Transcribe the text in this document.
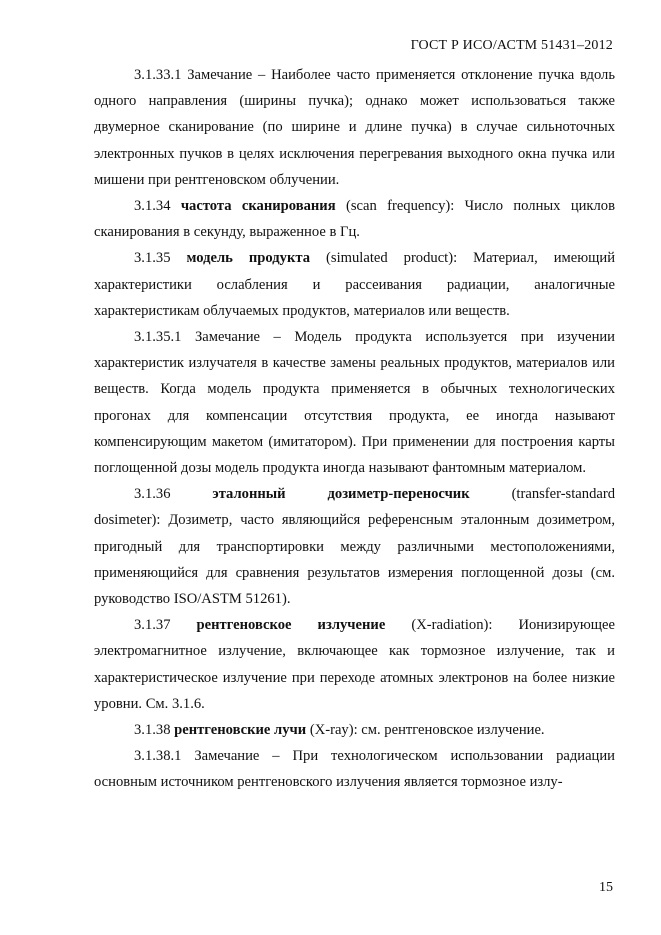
ГОСТ Р ИСО/АСТМ 51431–2012

3.1.33.1 Замечание – Наиболее часто применяется отклонение пучка вдоль одного направления (ширины пучка); однако может использоваться также двумерное сканирование (по ширине и длине пучка) в случае сильноточных электронных пучков в целях исключения перегревания выходного окна пучка или мишени при рентгеновском облучении.

3.1.34 частота сканирования (scan frequency): Число полных циклов сканирования в секунду, выраженное в Гц.

3.1.35 модель продукта (simulated product): Материал, имеющий характеристики ослабления и рассеивания радиации, аналогичные характеристикам облучаемых продуктов, материалов или веществ.

3.1.35.1 Замечание – Модель продукта используется при изучении характеристик излучателя в качестве замены реальных продуктов, материалов или веществ. Когда модель продукта применяется в обычных технологических прогонах для компенсации отсутствия продукта, ее иногда называют компенсирующим макетом (имитатором). При применении для построения карты поглощенной дозы модель продукта иногда называют фантомным материалом.

3.1.36	эталонный	дозиметр-переносчик	(transfer-standard

dosimeter): Дозиметр, часто являющийся референсным эталонным дозиметром, пригодный для транспортировки между различными местоположениями, применяющийся для сравнения результатов измерения поглощенной дозы (см. руководство ISO/ASTM 51261).

3.1.37 рентгеновское излучение (X-radiation): Ионизирующее электромагнитное излучение, включающее как тормозное излучение, так и характеристическое излучение при переходе атомных электронов на более низкие уровни. См. 3.1.6.

3.1.38 рентгеновские лучи (X-ray): см. рентгеновское излучение.

3.1.38.1 Замечание – При технологическом использовании радиации основным источником рентгеновского излучения является тормозное излу-

15
